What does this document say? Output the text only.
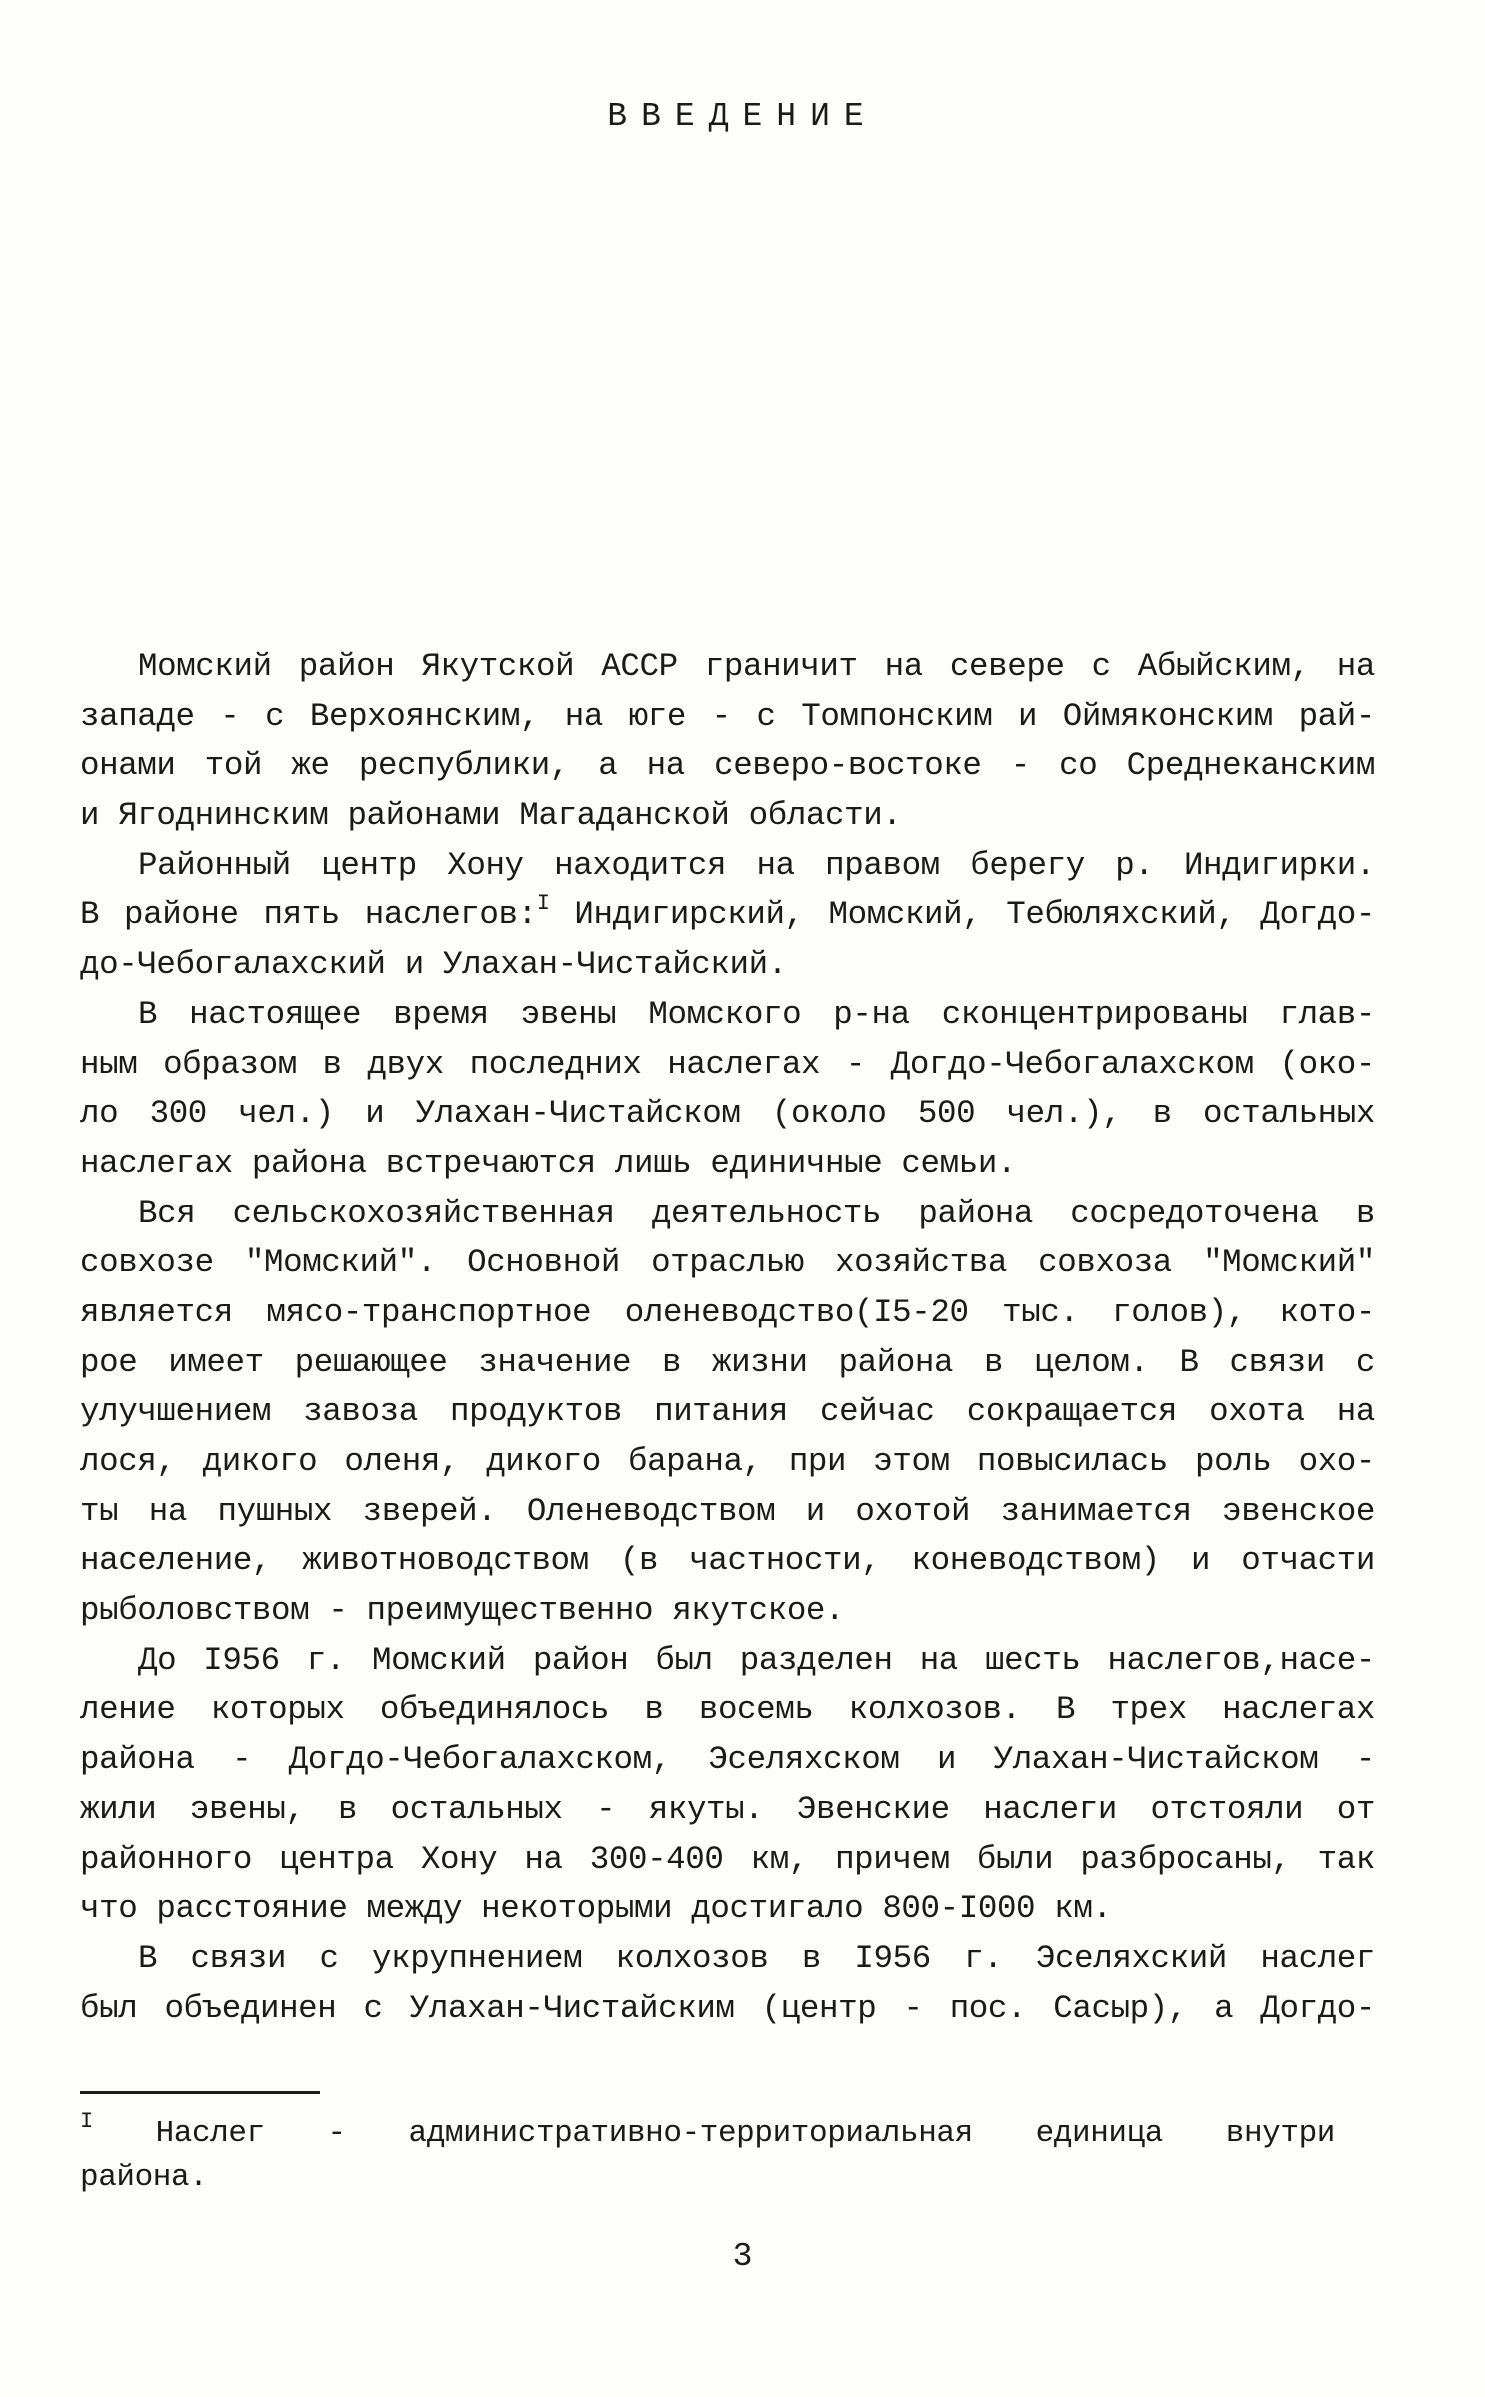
ВВЕДЕНИЕ
Момский район Якутской АССР граничит на севере с Абыйским, на
западе - с Верхоянским, на юге - с Томпонским и Оймяконским рай-
онами той же республики, а на северо-востоке - со Среднеканским
и Ягоднинским районами Магаданской области.
Районный центр Хону находится на правом берегу р. Индигирки.
В районе пять наслегов:$^I$ Индигирский, Момский, Тебюляхский, Догдо-
до-Чебогалахский и Улахан-Чистайский.
В настоящее время эвены Момского р-на сконцентрированы глав-
ным образом в двух последних наслегах - Догдо-Чебогалахском (око-
ло 300 чел.) и Улахан-Чистайском (около 500 чел.), в остальных
наслегах района встречаются лишь единичные семьи.
Вся сельскохозяйственная деятельность района сосредоточена в
совхозе "Момский". Основной отраслью хозяйства совхоза "Момский"
является мясо-транспортное оленеводство(I5-20 тыс. голов), кото-
рое имеет решающее значение в жизни района в целом. В связи с
улучшением завоза продуктов питания сейчас сокращается охота на
лося, дикого оленя, дикого барана, при этом повысилась роль охо-
ты на пушных зверей. Оленеводством и охотой занимается эвенское
население, животноводством (в частности, коневодством) и отчасти
рыболовством - преимущественно якутское.
До I956 г. Момский район был разделен на шесть наслегов,насе-
ление которых объединялось в восемь колхозов. В трех наслегах
района - Догдо-Чебогалахском, Эселяхском и Улахан-Чистайском -
жили эвены, в остальных - якуты. Эвенские наслеги отстояли от
районного центра Хону на 300-400 км, причем были разбросаны, так
что расстояние между некоторыми достигало 800-I000 км.
В связи с укрупнением колхозов в I956 г. Эселяхский наслег
был объединен с Улахан-Чистайским (центр - пос. Сасыр), а Догдо-
$^I$ Наслег - административно-территориальная единица внутри
района.
3
